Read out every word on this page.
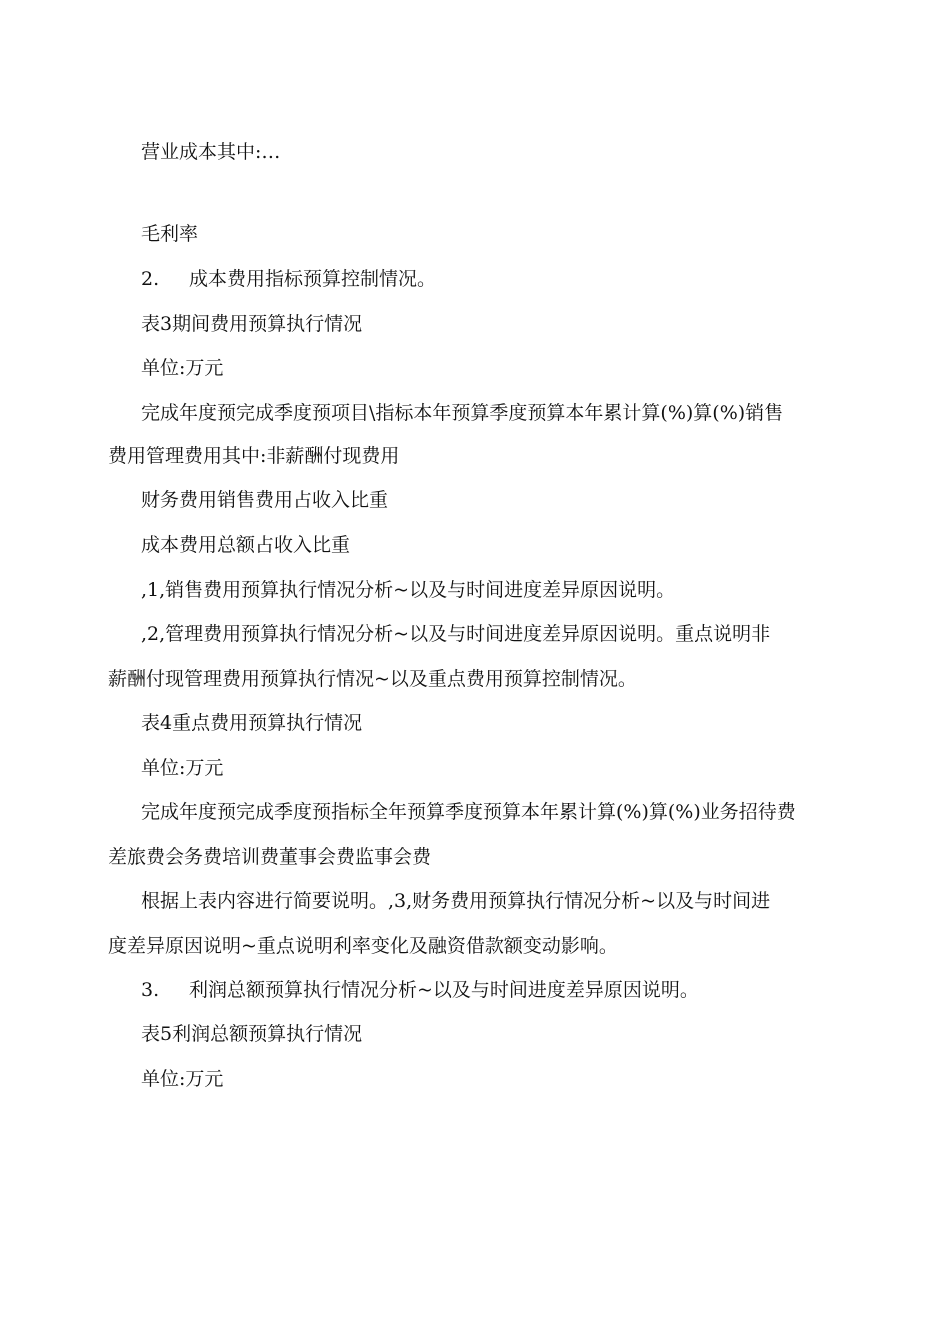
营业成本其中:…
毛利率
2. 成本费用指标预算控制情况。
表3期间费用预算执行情况
单位:万元
完成年度预完成季度预项目\指标本年预算季度预算本年累计算(%)算(%)销售
费用管理费用其中:非薪酬付现费用
财务费用销售费用占收入比重
成本费用总额占收入比重
,1,销售费用预算执行情况分析~以及与时间进度差异原因说明。
,2,管理费用预算执行情况分析~以及与时间进度差异原因说明。重点说明非
薪酬付现管理费用预算执行情况~以及重点费用预算控制情况。
表4重点费用预算执行情况
单位:万元
完成年度预完成季度预指标全年预算季度预算本年累计算(%)算(%)业务招待费
差旅费会务费培训费董事会费监事会费
根据上表内容进行简要说明。,3,财务费用预算执行情况分析~以及与时间进
度差异原因说明~重点说明利率变化及融资借款额变动影响。
3. 利润总额预算执行情况分析~以及与时间进度差异原因说明。
表5利润总额预算执行情况
单位:万元
